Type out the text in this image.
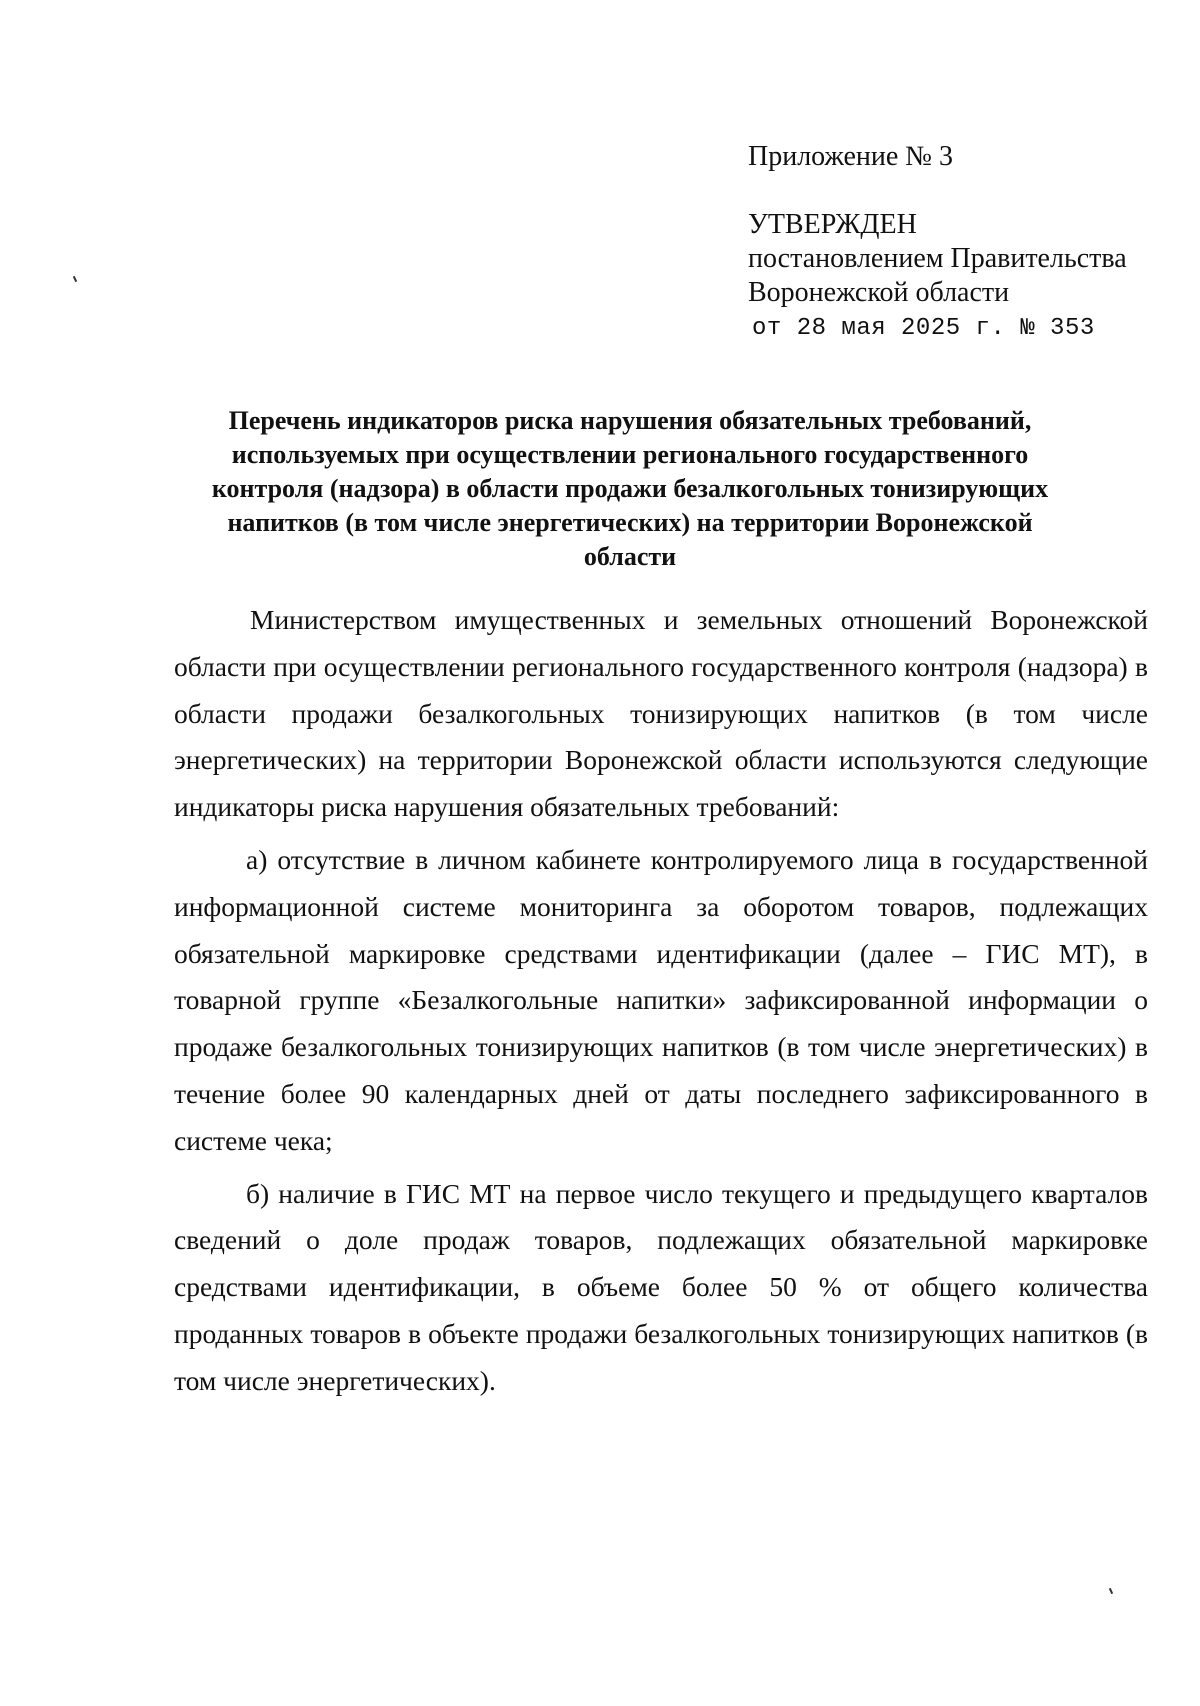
Приложение № 3
УТВЕРЖДЕН
постановлением Правительства
Воронежской области
от 28 мая 2025 г. № 353
Перечень индикаторов риска нарушения обязательных требований, используемых при осуществлении регионального государственного контроля (надзора) в области продажи безалкогольных тонизирующих напитков (в том числе энергетических) на территории Воронежской области

Министерством имущественных и земельных отношений Воронежской области при осуществлении регионального государственного контроля (надзора) в области продажи безалкогольных тонизирующих напитков (в том числе энергетических) на территории Воронежской области используются следующие индикаторы риска нарушения обязательных требований:

а) отсутствие в личном кабинете контролируемого лица в государственной информационной системе мониторинга за оборотом товаров, подлежащих обязательной маркировке средствами идентификации (далее – ГИС МТ), в товарной группе «Безалкогольные напитки» зафиксированной информации о продаже безалкогольных тонизирующих напитков (в том числе энергетических) в течение более 90 календарных дней от даты последнего зафиксированного в системе чека;

б) наличие в ГИС МТ на первое число текущего и предыдущего кварталов сведений о доле продаж товаров, подлежащих обязательной маркировке средствами идентификации, в объеме более 50 % от общего количества проданных товаров в объекте продажи безалкогольных тонизирующих напитков (в том числе энергетических).
